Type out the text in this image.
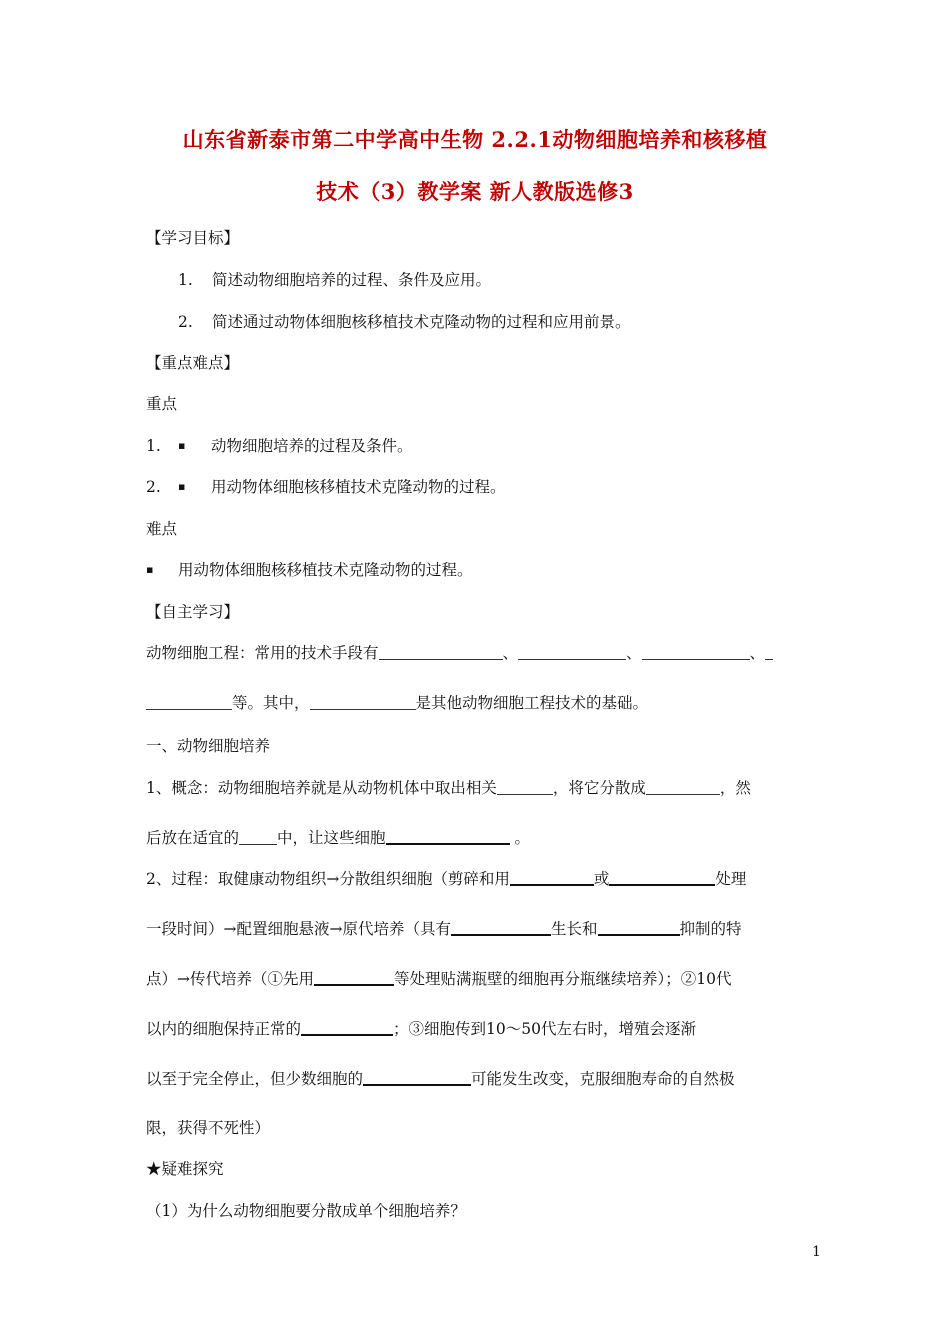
山东省新泰市第二中学高中生物 2.2.1动物细胞培养和核移植
技术（3）教学案 新人教版选修3
【学习目标】
1. 简述动物细胞培养的过程、条件及应用。
2. 简述通过动物体细胞核移植技术克隆动物的过程和应用前景。
【重点难点】
重点
1. ▪ 动物细胞培养的过程及条件。
2. ▪ 用动物体细胞核移植技术克隆动物的过程。
难点
▪ 用动物体细胞核移植技术克隆动物的过程。
【自主学习】
动物细胞工程：常用的技术手段有	、	、	、
等。其中，	是其他动物细胞工程技术的基础。
一、动物细胞培养
1、概念：动物细胞培养就是从动物机体中取出相关	，将它分散成	，然
后放在适宜的 中，让这些细胞	。
2、过程：取健康动物组织→分散组织细胞（剪碎和用	或	处理
一段时间）→配置细胞悬液→原代培养（具有	生长和	抑制的特
点）→传代培养（①先用	等处理贴满瓶壁的细胞再分瓶继续培养）；②10代
以内的细胞保持正常的	；③细胞传到10～50代左右时，增殖会逐渐
以至于完全停止，但少数细胞的	可能发生改变，克服细胞寿命的自然极
限，获得不死性）
★疑难探究
（1）为什么动物细胞要分散成单个细胞培养？
1
